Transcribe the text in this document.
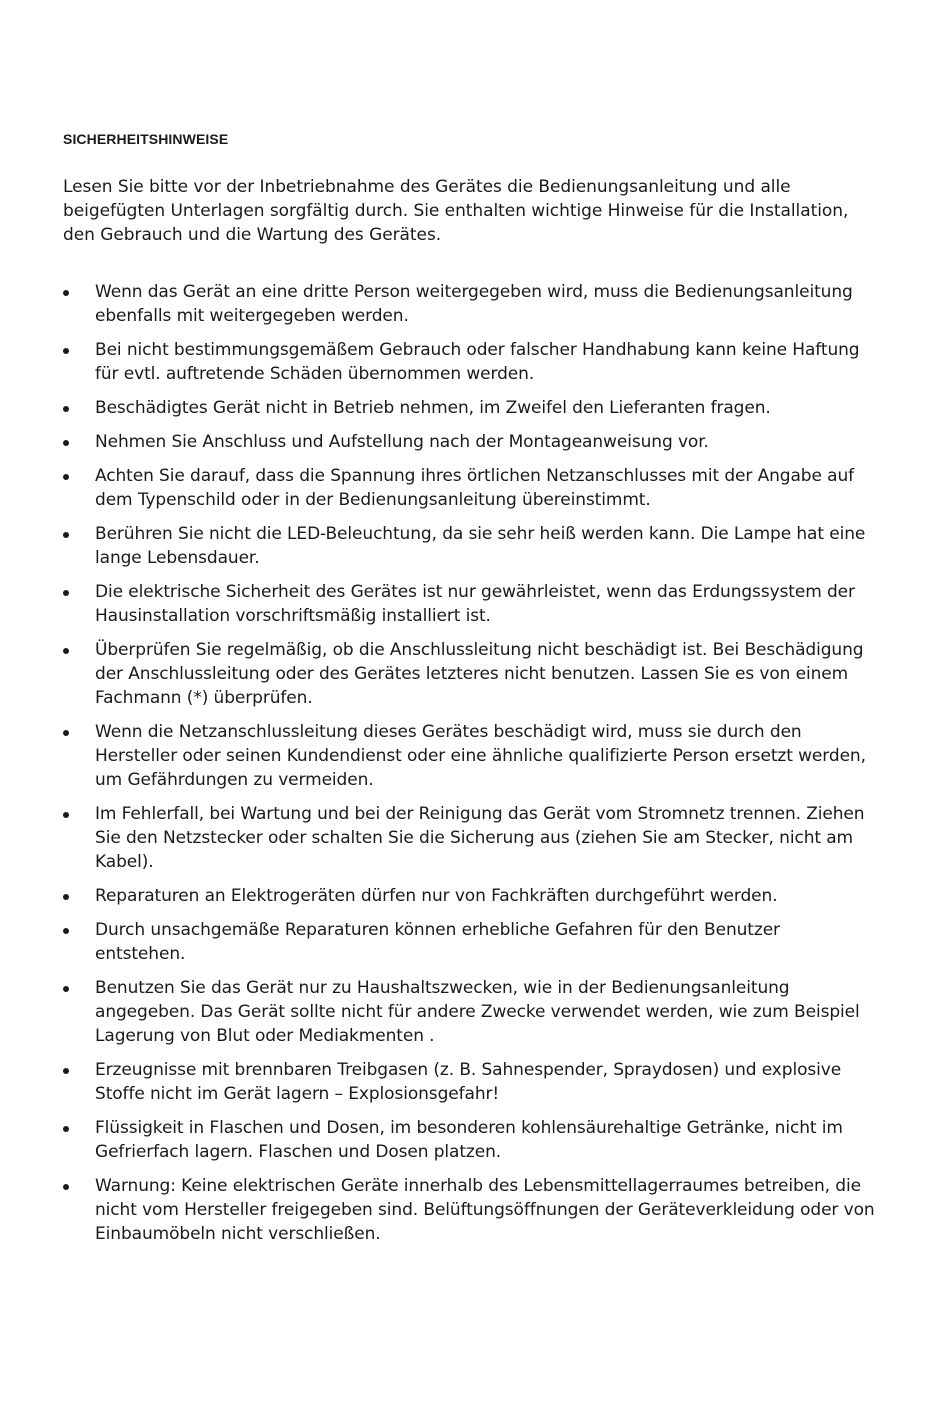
SICHERHEITSHINWEISE

Lesen Sie bitte vor der Inbetriebnahme des Gerätes die Bedienungsanleitung und alle beigefügten Unterlagen sorgfältig durch. Sie enthalten wichtige Hinweise für die Installation, den Gebrauch und die Wartung des Gerätes.

Wenn das Gerät an eine dritte Person weitergegeben wird, muss die Bedienungsanleitung ebenfalls mit weitergegeben werden.
Bei nicht bestimmungsgemäßem Gebrauch oder falscher Handhabung kann keine Haftung für evtl. auftretende Schäden übernommen werden.
Beschädigtes Gerät nicht in Betrieb nehmen, im Zweifel den Lieferanten fragen.
Nehmen Sie Anschluss und Aufstellung nach der Montageanweisung vor.
Achten Sie darauf, dass die Spannung ihres örtlichen Netzanschlusses mit der Angabe auf dem Typenschild oder in der Bedienungsanleitung übereinstimmt.
Berühren Sie nicht die LED-Beleuchtung, da sie sehr heiß werden kann. Die Lampe hat eine lange Lebensdauer.
Die elektrische Sicherheit des Gerätes ist nur gewährleistet, wenn das Erdungssystem der Hausinstallation vorschriftsmäßig installiert ist.
Überprüfen Sie regelmäßig, ob die Anschlussleitung nicht beschädigt ist. Bei Beschädigung der Anschlussleitung oder des Gerätes letzteres nicht benutzen. Lassen Sie es von einem Fachmann (*) überprüfen.
Wenn die Netzanschlussleitung dieses Gerätes beschädigt wird, muss sie durch den Hersteller oder seinen Kundendienst oder eine ähnliche qualifizierte Person ersetzt werden, um Gefährdungen zu vermeiden.
Im Fehlerfall, bei Wartung und bei der Reinigung das Gerät vom Stromnetz trennen. Ziehen Sie den Netzstecker oder schalten Sie die Sicherung aus (ziehen Sie am Stecker, nicht am Kabel).
Reparaturen an Elektrogeräten dürfen nur von Fachkräften durchgeführt werden.
Durch unsachgemäße Reparaturen können erhebliche Gefahren für den Benutzer entstehen.
Benutzen Sie das Gerät nur zu Haushaltszwecken, wie in der Bedienungsanleitung angegeben. Das Gerät sollte nicht für andere Zwecke verwendet werden, wie zum Beispiel Lagerung von Blut oder Mediakmenten .
Erzeugnisse mit brennbaren Treibgasen (z. B. Sahnespender, Spraydosen) und explosive Stoffe nicht im Gerät lagern – Explosionsgefahr!
Flüssigkeit in Flaschen und Dosen, im besonderen kohlensäurehaltige Getränke, nicht im Gefrierfach lagern. Flaschen und Dosen platzen.
Warnung: Keine elektrischen Geräte innerhalb des Lebensmittellagerraumes betreiben, die nicht vom Hersteller freigegeben sind. Belüftungsöffnungen der Geräteverkleidung oder von Einbaumöbeln nicht verschließen.
